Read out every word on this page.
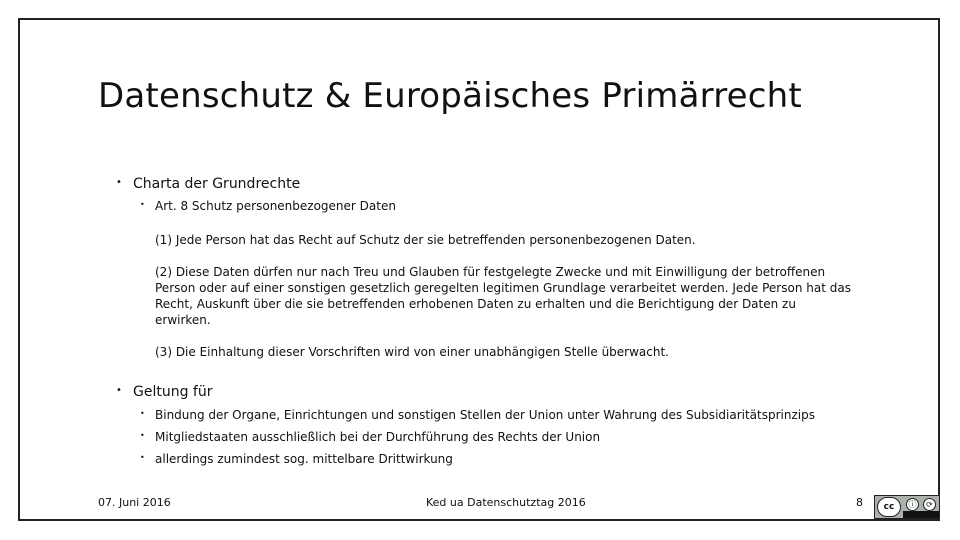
Datenschutz & Europäisches Primärrecht
• Charta der Grundrechte
• Art. 8 Schutz personenbezogener Daten

(1) Jede Person hat das Recht auf Schutz der sie betreffenden personenbezogenen Daten.

(2) Diese Daten dürfen nur nach Treu und Glauben für festgelegte Zwecke und mit Einwilligung der betroffenen Person oder auf einer sonstigen gesetzlich geregelten legitimen Grundlage verarbeitet werden. Jede Person hat das Recht, Auskunft über die sie betreffenden erhobenen Daten zu erhalten und die Berichtigung der Daten zu erwirken.

(3) Die Einhaltung dieser Vorschriften wird von einer unabhängigen Stelle überwacht.

• Geltung für
• Bindung der Organe, Einrichtungen und sonstigen Stellen der Union unter Wahrung des Subsidiaritätsprinzips
• Mitgliedstaaten ausschließlich bei der Durchführung des Rechts der Union
• allerdings zumindest sog. mittelbare Drittwirkung
07. Juni 2016	Ked ua Datenschutztag 2016	8	cc	ⓘ	⟳
